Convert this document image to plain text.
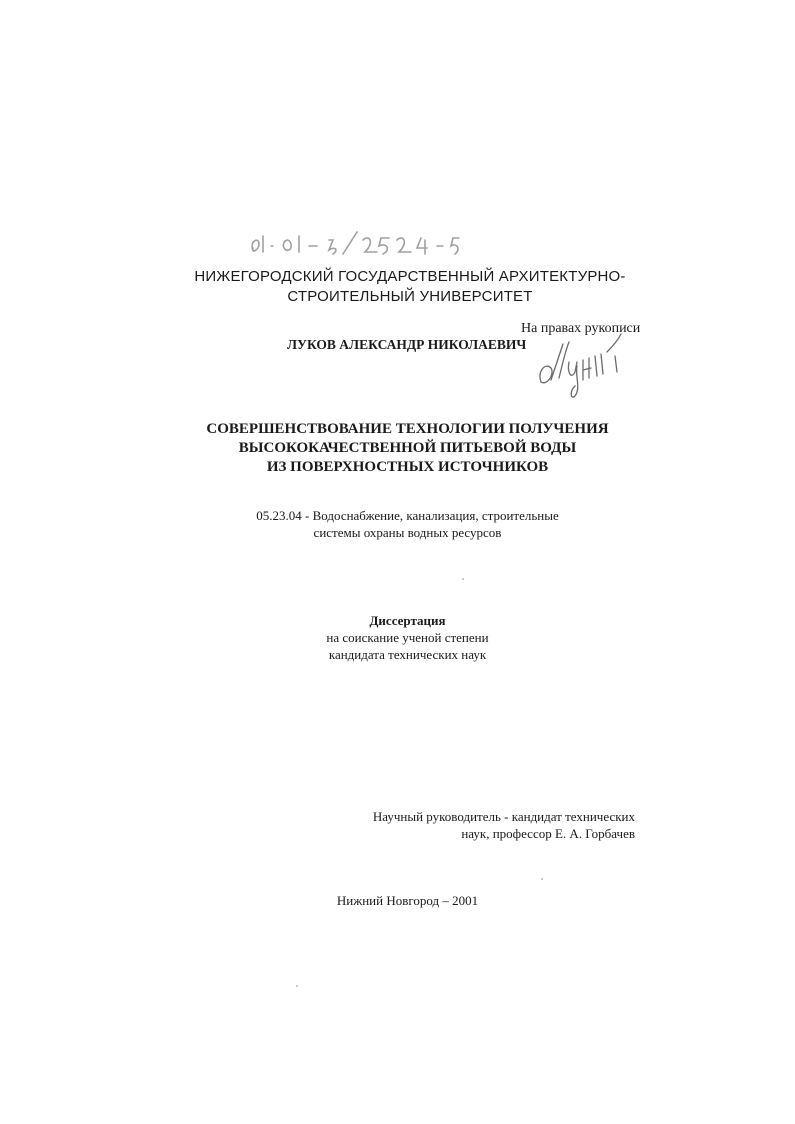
НИЖЕГОРОДСКИЙ ГОСУДАРСТВЕННЫЙ АРХИТЕКТУРНО-
СТРОИТЕЛЬНЫЙ УНИВЕРСИТЕТ
На правах рукописи
ЛУКОВ АЛЕКСАНДР НИКОЛАЕВИЧ
СОВЕРШЕНСТВОВАНИЕ ТЕХНОЛОГИИ ПОЛУЧЕНИЯ
ВЫСОКОКАЧЕСТВЕННОЙ ПИТЬЕВОЙ ВОДЫ
ИЗ ПОВЕРХНОСТНЫХ ИСТОЧНИКОВ
05.23.04 - Водоснабжение, канализация, строительные
системы охраны водных ресурсов
Диссертация
на соискание ученой степени
кандидата технических наук
Научный руководитель - кандидат технических
наук, профессор Е. А. Горбачев
Нижний Новгород – 2001
